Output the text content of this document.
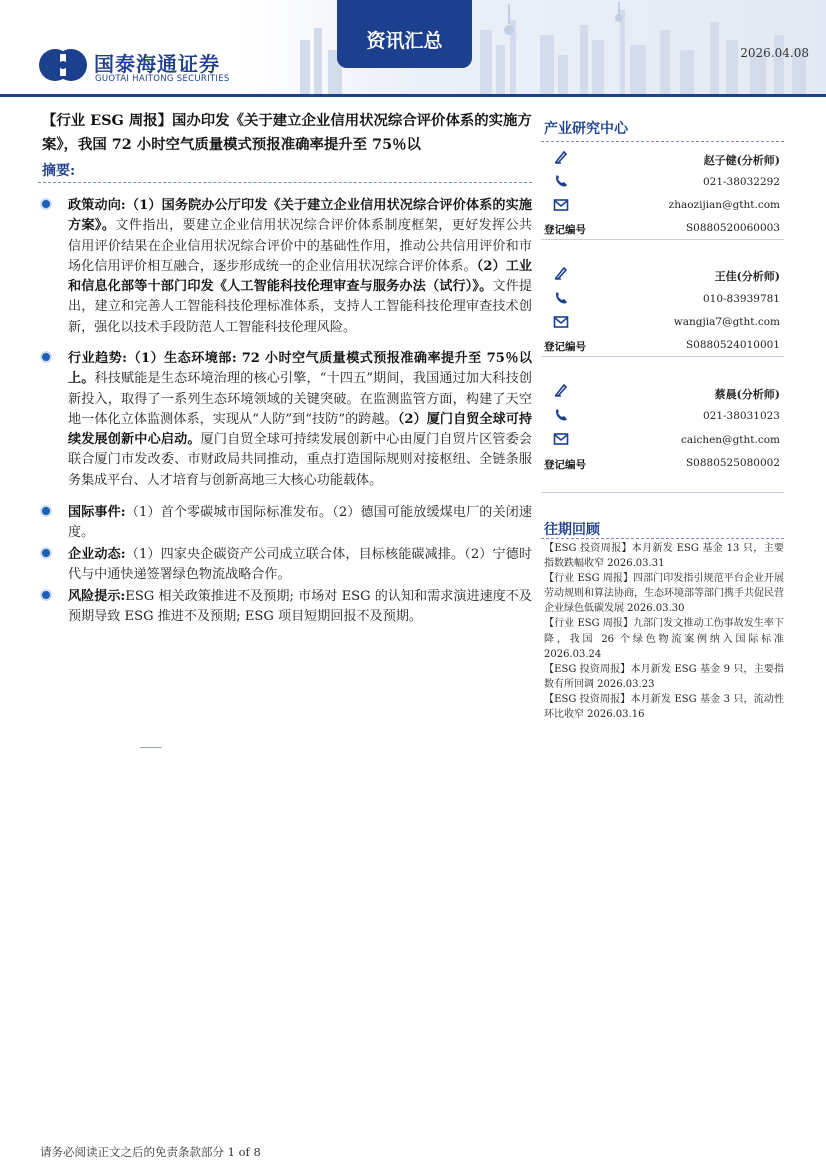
国泰海通证券
GUOTAI HAITONG SECURITIES
资讯汇总
2026.04.08
【行业 ESG 周报】国办印发《关于建立企业信用状况综合评价体系的实施方案》，我国 72 小时空气质量模式预报准确率提升至 75％以
摘要:

政策动向:（1）国务院办公厅印发《关于建立企业信用状况综合评价体系的实施方案》。文件指出，要建立企业信用状况综合评价体系制度框架，更好发挥公共信用评价结果在企业信用状况综合评价中的基础性作用，推动公共信用评价和市场化信用评价相互融合，逐步形成统一的企业信用状况综合评价体系。（2）工业和信息化部等十部门印发《人工智能科技伦理审查与服务办法（试行）》。文件提出，建立和完善人工智能科技伦理标准体系，支持人工智能科技伦理审查技术创新，强化以技术手段防范人工智能科技伦理风险。

行业趋势:（1）生态环境部: 72 小时空气质量模式预报准确率提升至 75％以上。科技赋能是生态环境治理的核心引擎，“十四五”期间，我国通过加大科技创新投入，取得了一系列生态环境领域的关键突破。在监测监管方面，构建了天空地一体化立体监测体系，实现从“人防”到“技防”的跨越。（2）厦门自贸全球可持续发展创新中心启动。厦门自贸全球可持续发展创新中心由厦门自贸片区管委会联合厦门市发改委、市财政局共同推动，重点打造国际规则对接枢纽、全链条服务集成平台、人才培育与创新高地三大核心功能载体。

国际事件:（1）首个零碳城市国际标准发布。（2）德国可能放缓煤电厂的关闭速度。

企业动态:（1）四家央企碳资产公司成立联合体，目标核能碳减排。（2）宁德时代与中通快递签署绿色物流战略合作。

风险提示:ESG 相关政策推进不及预期; 市场对 ESG 的认知和需求演进速度不及预期导致 ESG 推进不及预期; ESG 项目短期回报不及预期。

产业研究中心
赵子健(分析师)
021-38032292
zhaozijian@gtht.com
登记编号	S0880520060003
王佳(分析师)
010-83939781
wangjia7@gtht.com
登记编号	S0880524010001
蔡晨(分析师)
021-38031023
caichen@gtht.com
登记编号	S0880525080002
往期回顾

【ESG 投资周报】本月新发 ESG 基金 13 只，主要指数跌幅收窄 2026.03.31

【行业 ESG 周报】四部门印发指引规范平台企业开展劳动规则和算法协商，生态环境部等部门携手共促民营企业绿色低碳发展 2026.03.30

【行业 ESG 周报】九部门发文推动工伤事故发生率下降，我国 26 个绿色物流案例纳入国际标准 2026.03.24

【ESG 投资周报】本月新发 ESG 基金 9 只，主要指数有所回调 2026.03.23

【ESG 投资周报】本月新发 ESG 基金 3 只，流动性环比收窄 2026.03.16

请务必阅读正文之后的免责条款部分 1 of 8
